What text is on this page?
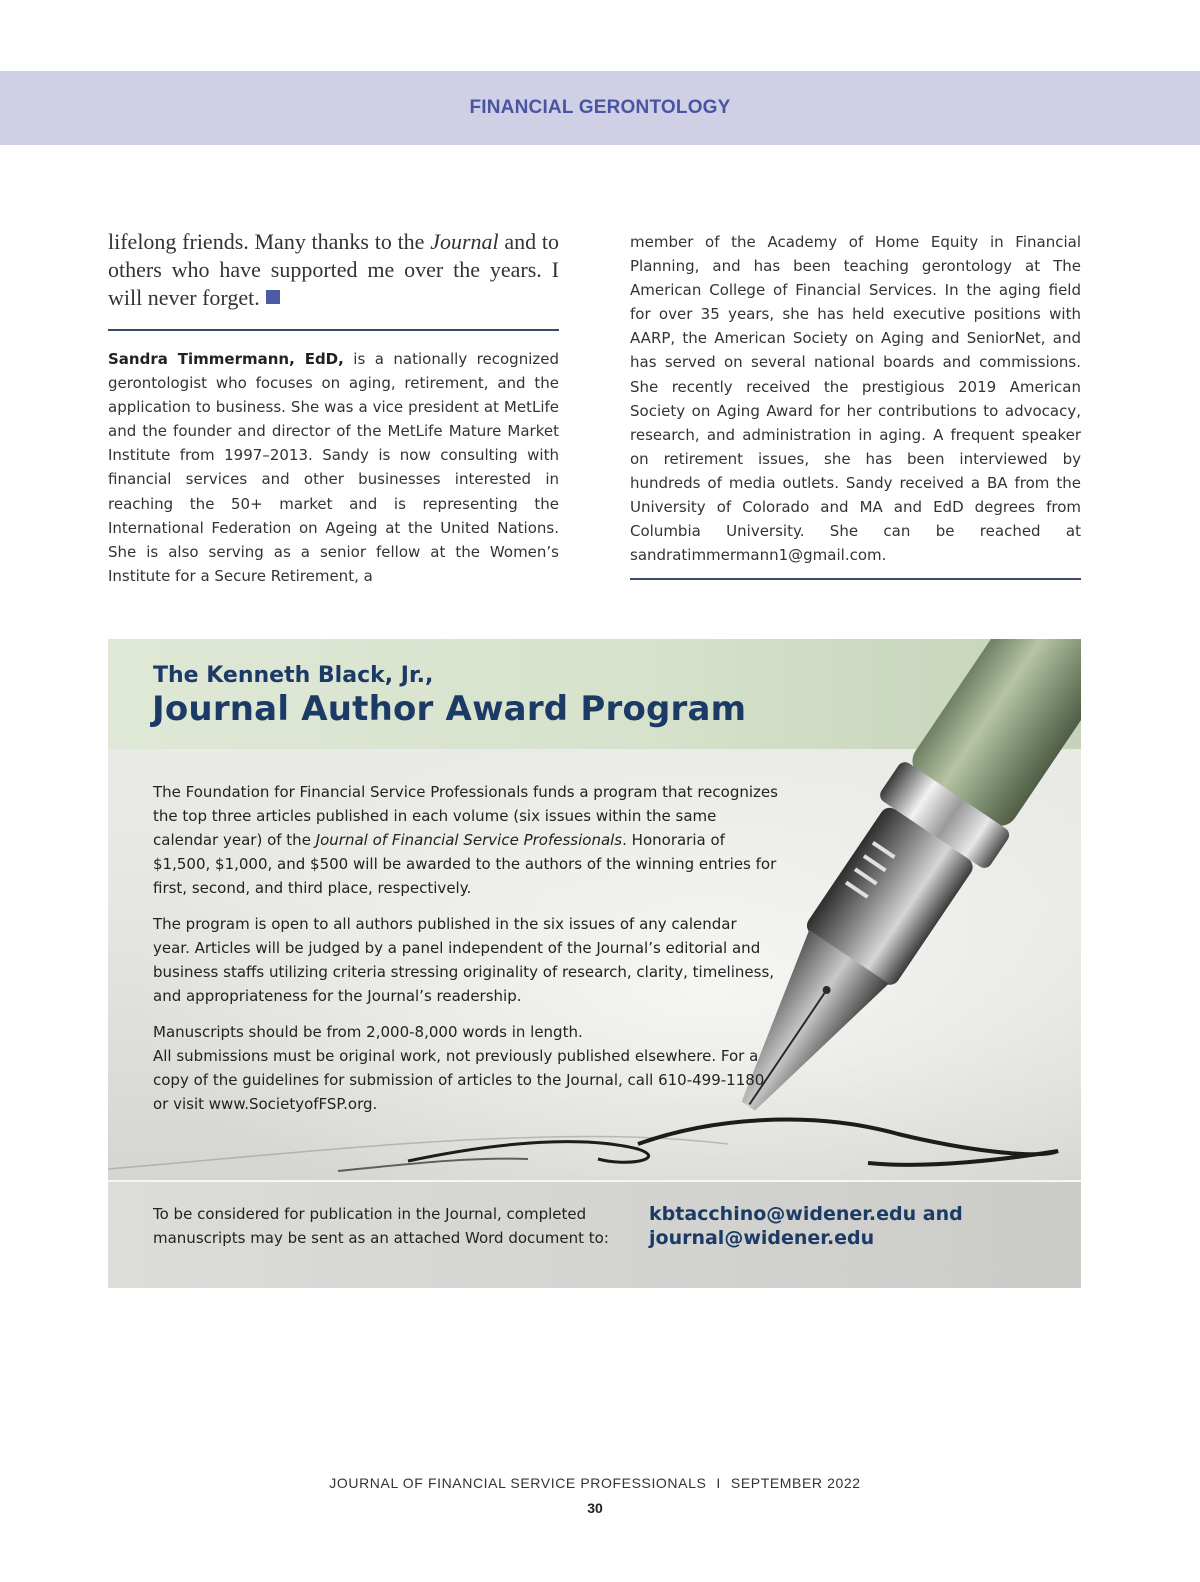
FINANCIAL GERONTOLOGY

lifelong friends. Many thanks to the Journal and to others who have supported me over the years. I will never forget.

Sandra Timmermann, EdD, is a nationally recognized gerontologist who focuses on aging, retirement, and the application to business. She was a vice president at MetLife and the founder and director of the MetLife Mature Market Institute from 1997–2013. Sandy is now consulting with financial services and other businesses interested in reaching the 50+ market and is representing the International Federation on Ageing at the United Nations. She is also serving as a senior fellow at the Women’s Institute for a Secure Retirement, a

member of the Academy of Home Equity in Financial Planning, and has been teaching gerontology at The American College of Financial Services. In the aging field for over 35 years, she has held executive positions with AARP, the American Society on Aging and SeniorNet, and has served on several national boards and commissions. She recently received the prestigious 2019 American Society on Aging Award for her contributions to advocacy, research, and administration in aging. A frequent speaker on retirement issues, she has been interviewed by hundreds of media outlets. Sandy received a BA from the University of Colorado and MA and EdD degrees from Columbia University. She can be reached at sandratimmermann1@gmail.com.

The Kenneth Black, Jr.,
Journal Author Award Program

The Foundation for Financial Service Professionals funds a program that recognizes the top three articles published in each volume (six issues within the same calendar year) of the Journal of Financial Service Professionals. Honoraria of $1,500, $1,000, and $500 will be awarded to the authors of the winning entries for first, second, and third place, respectively.

The program is open to all authors published in the six issues of any calendar year. Articles will be judged by a panel independent of the Journal’s editorial and business staffs utilizing criteria stressing originality of research, clarity, timeliness, and appropriateness for the Journal’s readership.

Manuscripts should be from 2,000-8,000 words in length.
All submissions must be original work, not previously published elsewhere. For a copy of the guidelines for submission of articles to the Journal, call 610-499-1180 or visit www.SocietyofFSP.org.

To be considered for publication in the Journal, completed manuscripts may be sent as an attached Word document to:

kbtacchino@widener.edu and
journal@widener.edu

JOURNAL OF FINANCIAL SERVICE PROFESSIONALS I SEPTEMBER 2022
30
